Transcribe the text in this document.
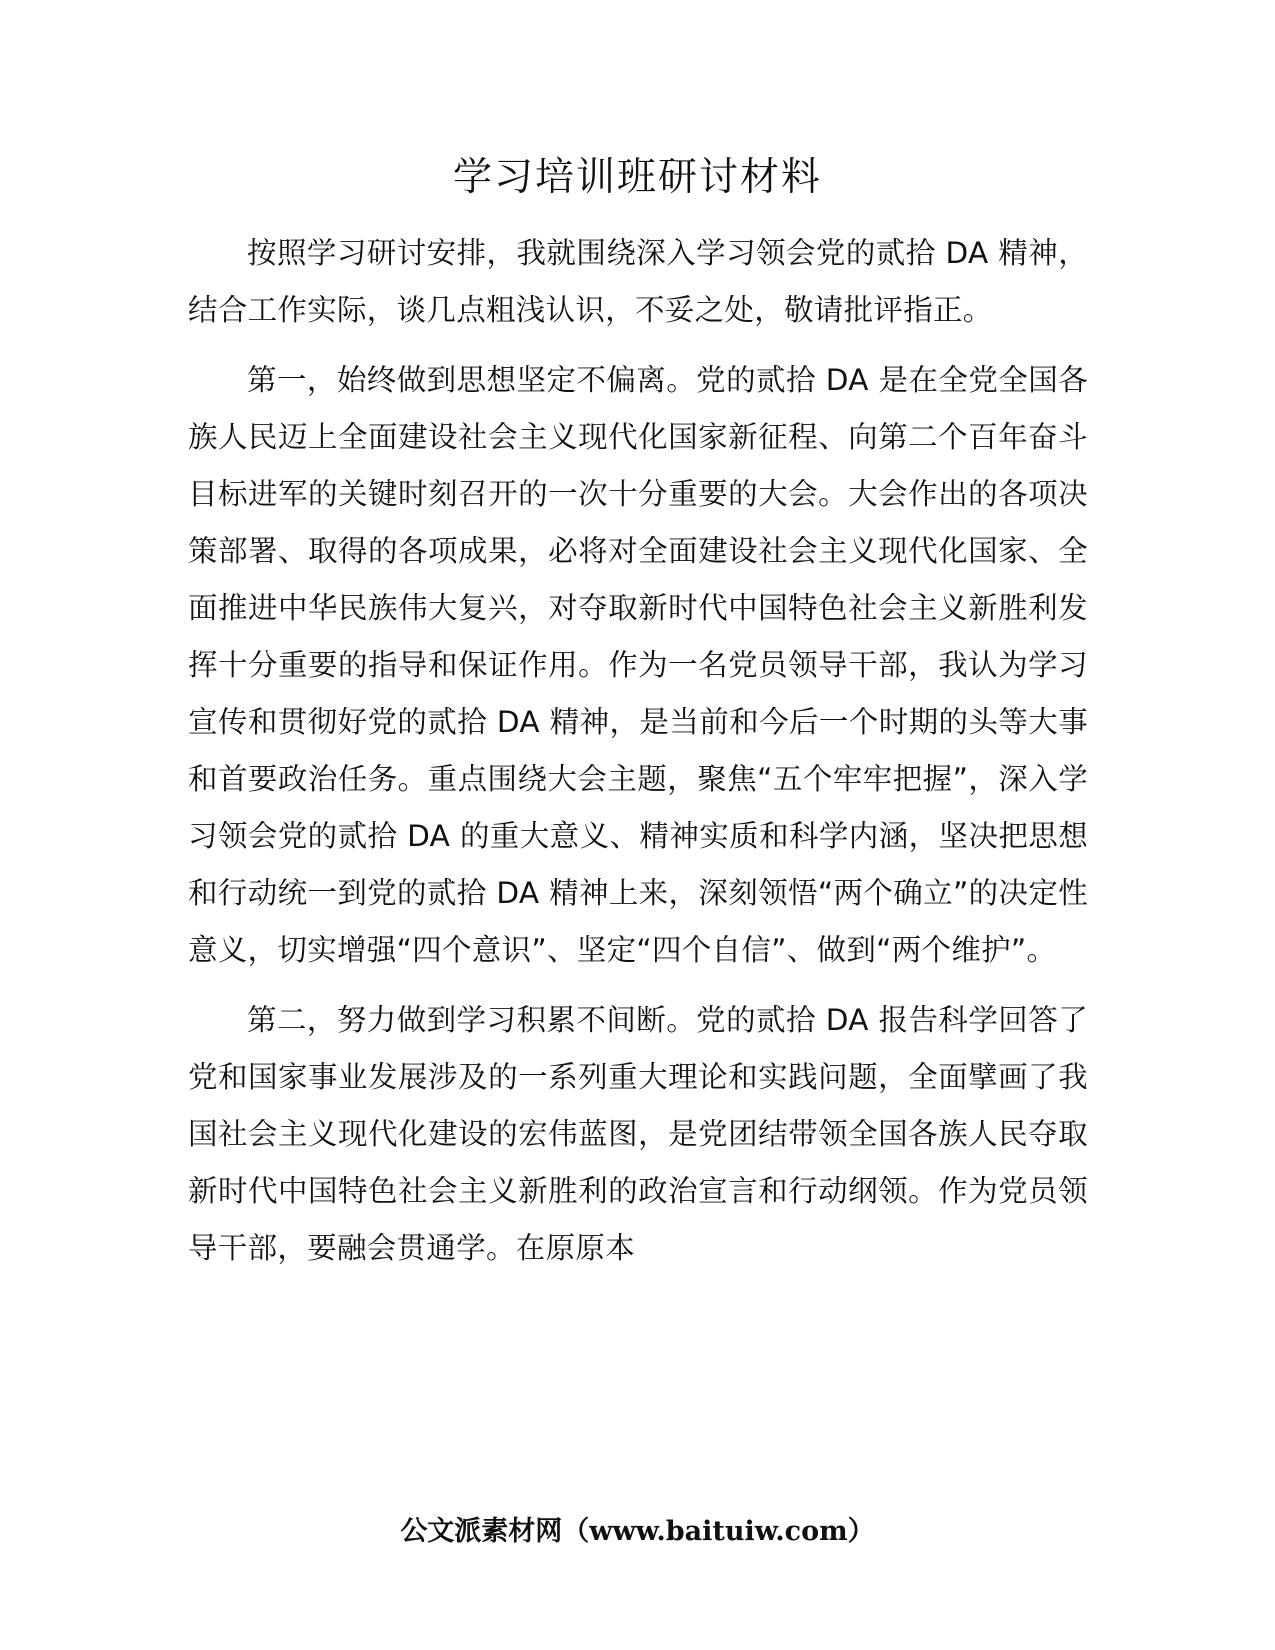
学习培训班研讨材料

按照学习研讨安排，我就围绕深入学习领会党的贰拾 DA 精神，结合工作实际，谈几点粗浅认识，不妥之处，敬请批评指正。

第一，始终做到思想坚定不偏离。党的贰拾 DA 是在全党全国各族人民迈上全面建设社会主义现代化国家新征程、向第二个百年奋斗目标进军的关键时刻召开的一次十分重要的大会。大会作出的各项决策部署、取得的各项成果，必将对全面建设社会主义现代化国家、全面推进中华民族伟大复兴，对夺取新时代中国特色社会主义新胜利发挥十分重要的指导和保证作用。作为一名党员领导干部，我认为学习宣传和贯彻好党的贰拾 DA 精神，是当前和今后一个时期的头等大事和首要政治任务。重点围绕大会主题，聚焦“五个牢牢把握”，深入学习领会党的贰拾 DA 的重大意义、精神实质和科学内涵，坚决把思想和行动统一到党的贰拾 DA 精神上来，深刻领悟“两个确立”的决定性意义，切实增强“四个意识”、坚定“四个自信”、做到“两个维护”。

第二，努力做到学习积累不间断。党的贰拾 DA 报告科学回答了党和国家事业发展涉及的一系列重大理论和实践问题，全面擘画了我国社会主义现代化建设的宏伟蓝图，是党团结带领全国各族人民夺取新时代中国特色社会主义新胜利的政治宣言和行动纲领。作为党员领导干部，要融会贯通学。在原原本

公文派素材网（www.baituiw.com）
